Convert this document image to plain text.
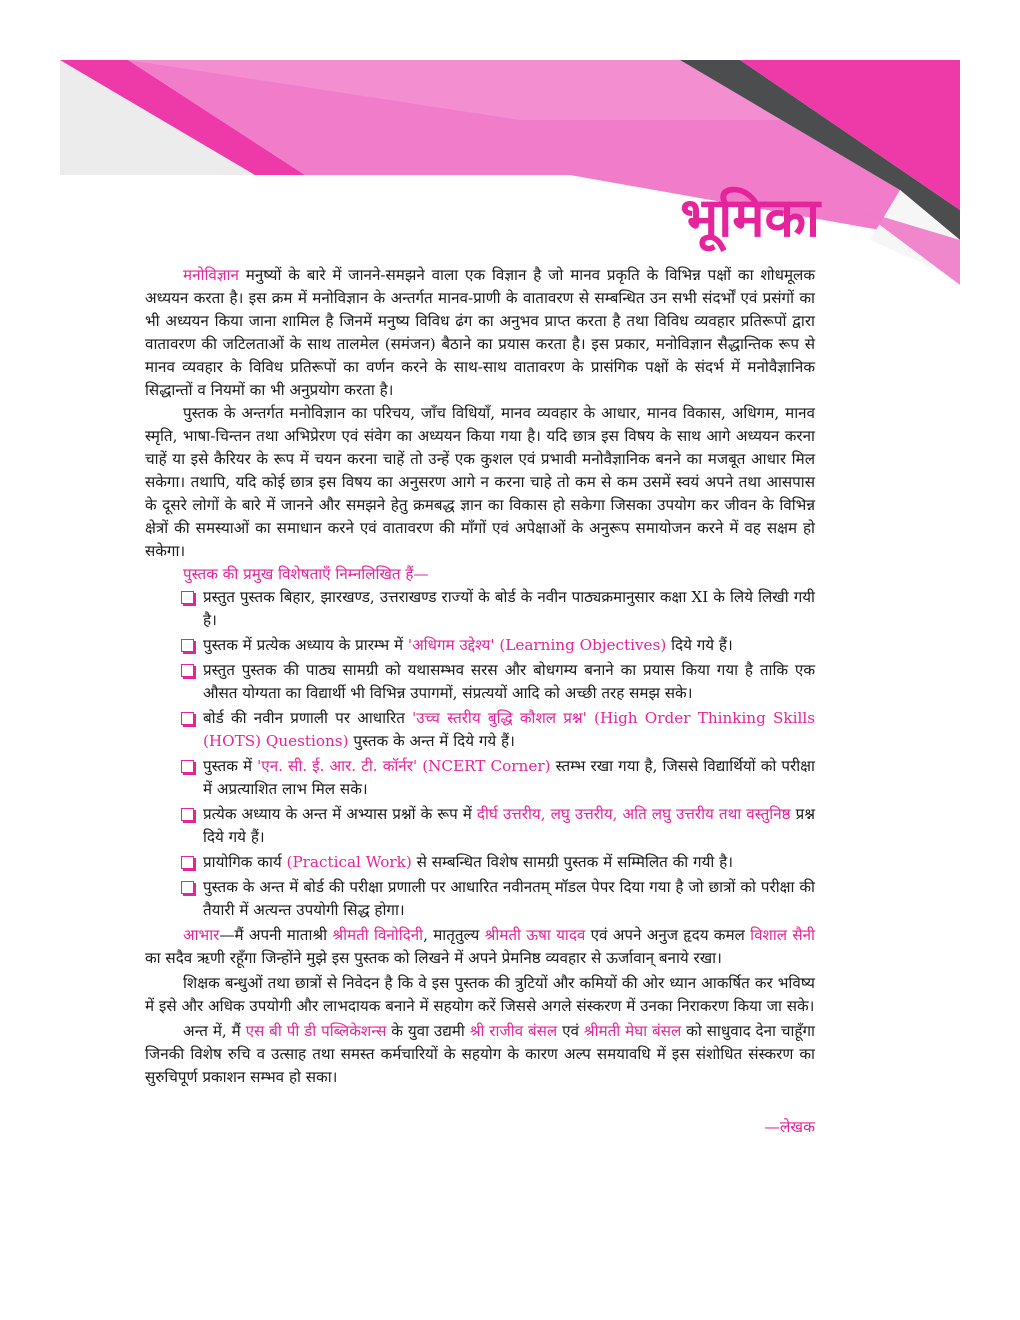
भूमिका

मनोविज्ञान मनुष्यों के बारे में जानने-समझने वाला एक विज्ञान है जो मानव प्रकृति के विभिन्न पक्षों का शोधमूलक अध्ययन करता है। इस क्रम में मनोविज्ञान के अन्तर्गत मानव-प्राणी के वातावरण से सम्बन्धित उन सभी संदर्भों एवं प्रसंगों का भी अध्ययन किया जाना शामिल है जिनमें मनुष्य विविध ढंग का अनुभव प्राप्त करता है तथा विविध व्यवहार प्रतिरूपों द्वारा वातावरण की जटिलताओं के साथ तालमेल (समंजन) बैठाने का प्रयास करता है। इस प्रकार, मनोविज्ञान सैद्धान्तिक रूप से मानव व्यवहार के विविध प्रतिरूपों का वर्णन करने के साथ-साथ वातावरण के प्रासंगिक पक्षों के संदर्भ में मनोवैज्ञानिक सिद्धान्तों व नियमों का भी अनुप्रयोग करता है।

पुस्तक के अन्तर्गत मनोविज्ञान का परिचय, जाँच विधियाँ, मानव व्यवहार के आधार, मानव विकास, अधिगम, मानव स्मृति, भाषा-चिन्तन तथा अभिप्रेरण एवं संवेग का अध्ययन किया गया है। यदि छात्र इस विषय के साथ आगे अध्ययन करना चाहें या इसे कैरियर के रूप में चयन करना चाहें तो उन्हें एक कुशल एवं प्रभावी मनोवैज्ञानिक बनने का मजबूत आधार मिल सकेगा। तथापि, यदि कोई छात्र इस विषय का अनुसरण आगे न करना चाहे तो कम से कम उसमें स्वयं अपने तथा आसपास के दूसरे लोगों के बारे में जानने और समझने हेतु क्रमबद्ध ज्ञान का विकास हो सकेगा जिसका उपयोग कर जीवन के विभिन्न क्षेत्रों की समस्याओं का समाधान करने एवं वातावरण की माँगों एवं अपेक्षाओं के अनुरूप समायोजन करने में वह सक्षम हो सकेगा।

पुस्तक की प्रमुख विशेषताएँ निम्नलिखित हैं—

प्रस्तुत पुस्तक बिहार, झारखण्ड, उत्तराखण्ड राज्यों के बोर्ड के नवीन पाठ्यक्रमानुसार कक्षा XI के लिये लिखी गयी है।
पुस्तक में प्रत्येक अध्याय के प्रारम्भ में 'अधिगम उद्देश्य' (Learning Objectives) दिये गये हैं।
प्रस्तुत पुस्तक की पाठ्य सामग्री को यथासम्भव सरस और बोधगम्य बनाने का प्रयास किया गया है ताकि एक औसत योग्यता का विद्यार्थी भी विभिन्न उपागमों, संप्रत्ययों आदि को अच्छी तरह समझ सके।
बोर्ड की नवीन प्रणाली पर आधारित 'उच्च स्तरीय बुद्धि कौशल प्रश्न' (High Order Thinking Skills (HOTS) Questions) पुस्तक के अन्त में दिये गये हैं।
पुस्तक में 'एन. सी. ई. आर. टी. कॉर्नर' (NCERT Corner) स्तम्भ रखा गया है, जिससे विद्यार्थियों को परीक्षा में अप्रत्याशित लाभ मिल सके।
प्रत्येक अध्याय के अन्त में अभ्यास प्रश्नों के रूप में दीर्घ उत्तरीय, लघु उत्तरीय, अति लघु उत्तरीय तथा वस्तुनिष्ठ प्रश्न दिये गये हैं।
प्रायोगिक कार्य (Practical Work) से सम्बन्धित विशेष सामग्री पुस्तक में सम्मिलित की गयी है।
पुस्तक के अन्त में बोर्ड की परीक्षा प्रणाली पर आधारित नवीनतम् मॉडल पेपर दिया गया है जो छात्रों को परीक्षा की तैयारी में अत्यन्त उपयोगी सिद्ध होगा।

आभार—मैं अपनी माताश्री श्रीमती विनोदिनी, मातृतुल्य श्रीमती ऊषा यादव एवं अपने अनुज हृदय कमल विशाल सैनी का सदैव ऋणी रहूँगा जिन्होंने मुझे इस पुस्तक को लिखने में अपने प्रेमनिष्ठ व्यवहार से ऊर्जावान् बनाये रखा।

शिक्षक बन्धुओं तथा छात्रों से निवेदन है कि वे इस पुस्तक की त्रुटियों और कमियों की ओर ध्यान आकर्षित कर भविष्य में इसे और अधिक उपयोगी और लाभदायक बनाने में सहयोग करें जिससे अगले संस्करण में उनका निराकरण किया जा सके।

अन्त में, मैं एस बी पी डी पब्लिकेशन्स के युवा उद्यमी श्री राजीव बंसल एवं श्रीमती मेघा बंसल को साधुवाद देना चाहूँगा जिनकी विशेष रुचि व उत्साह तथा समस्त कर्मचारियों के सहयोग के कारण अल्प समयावधि में इस संशोधित संस्करण का सुरुचिपूर्ण प्रकाशन सम्भव हो सका।

—लेखक
